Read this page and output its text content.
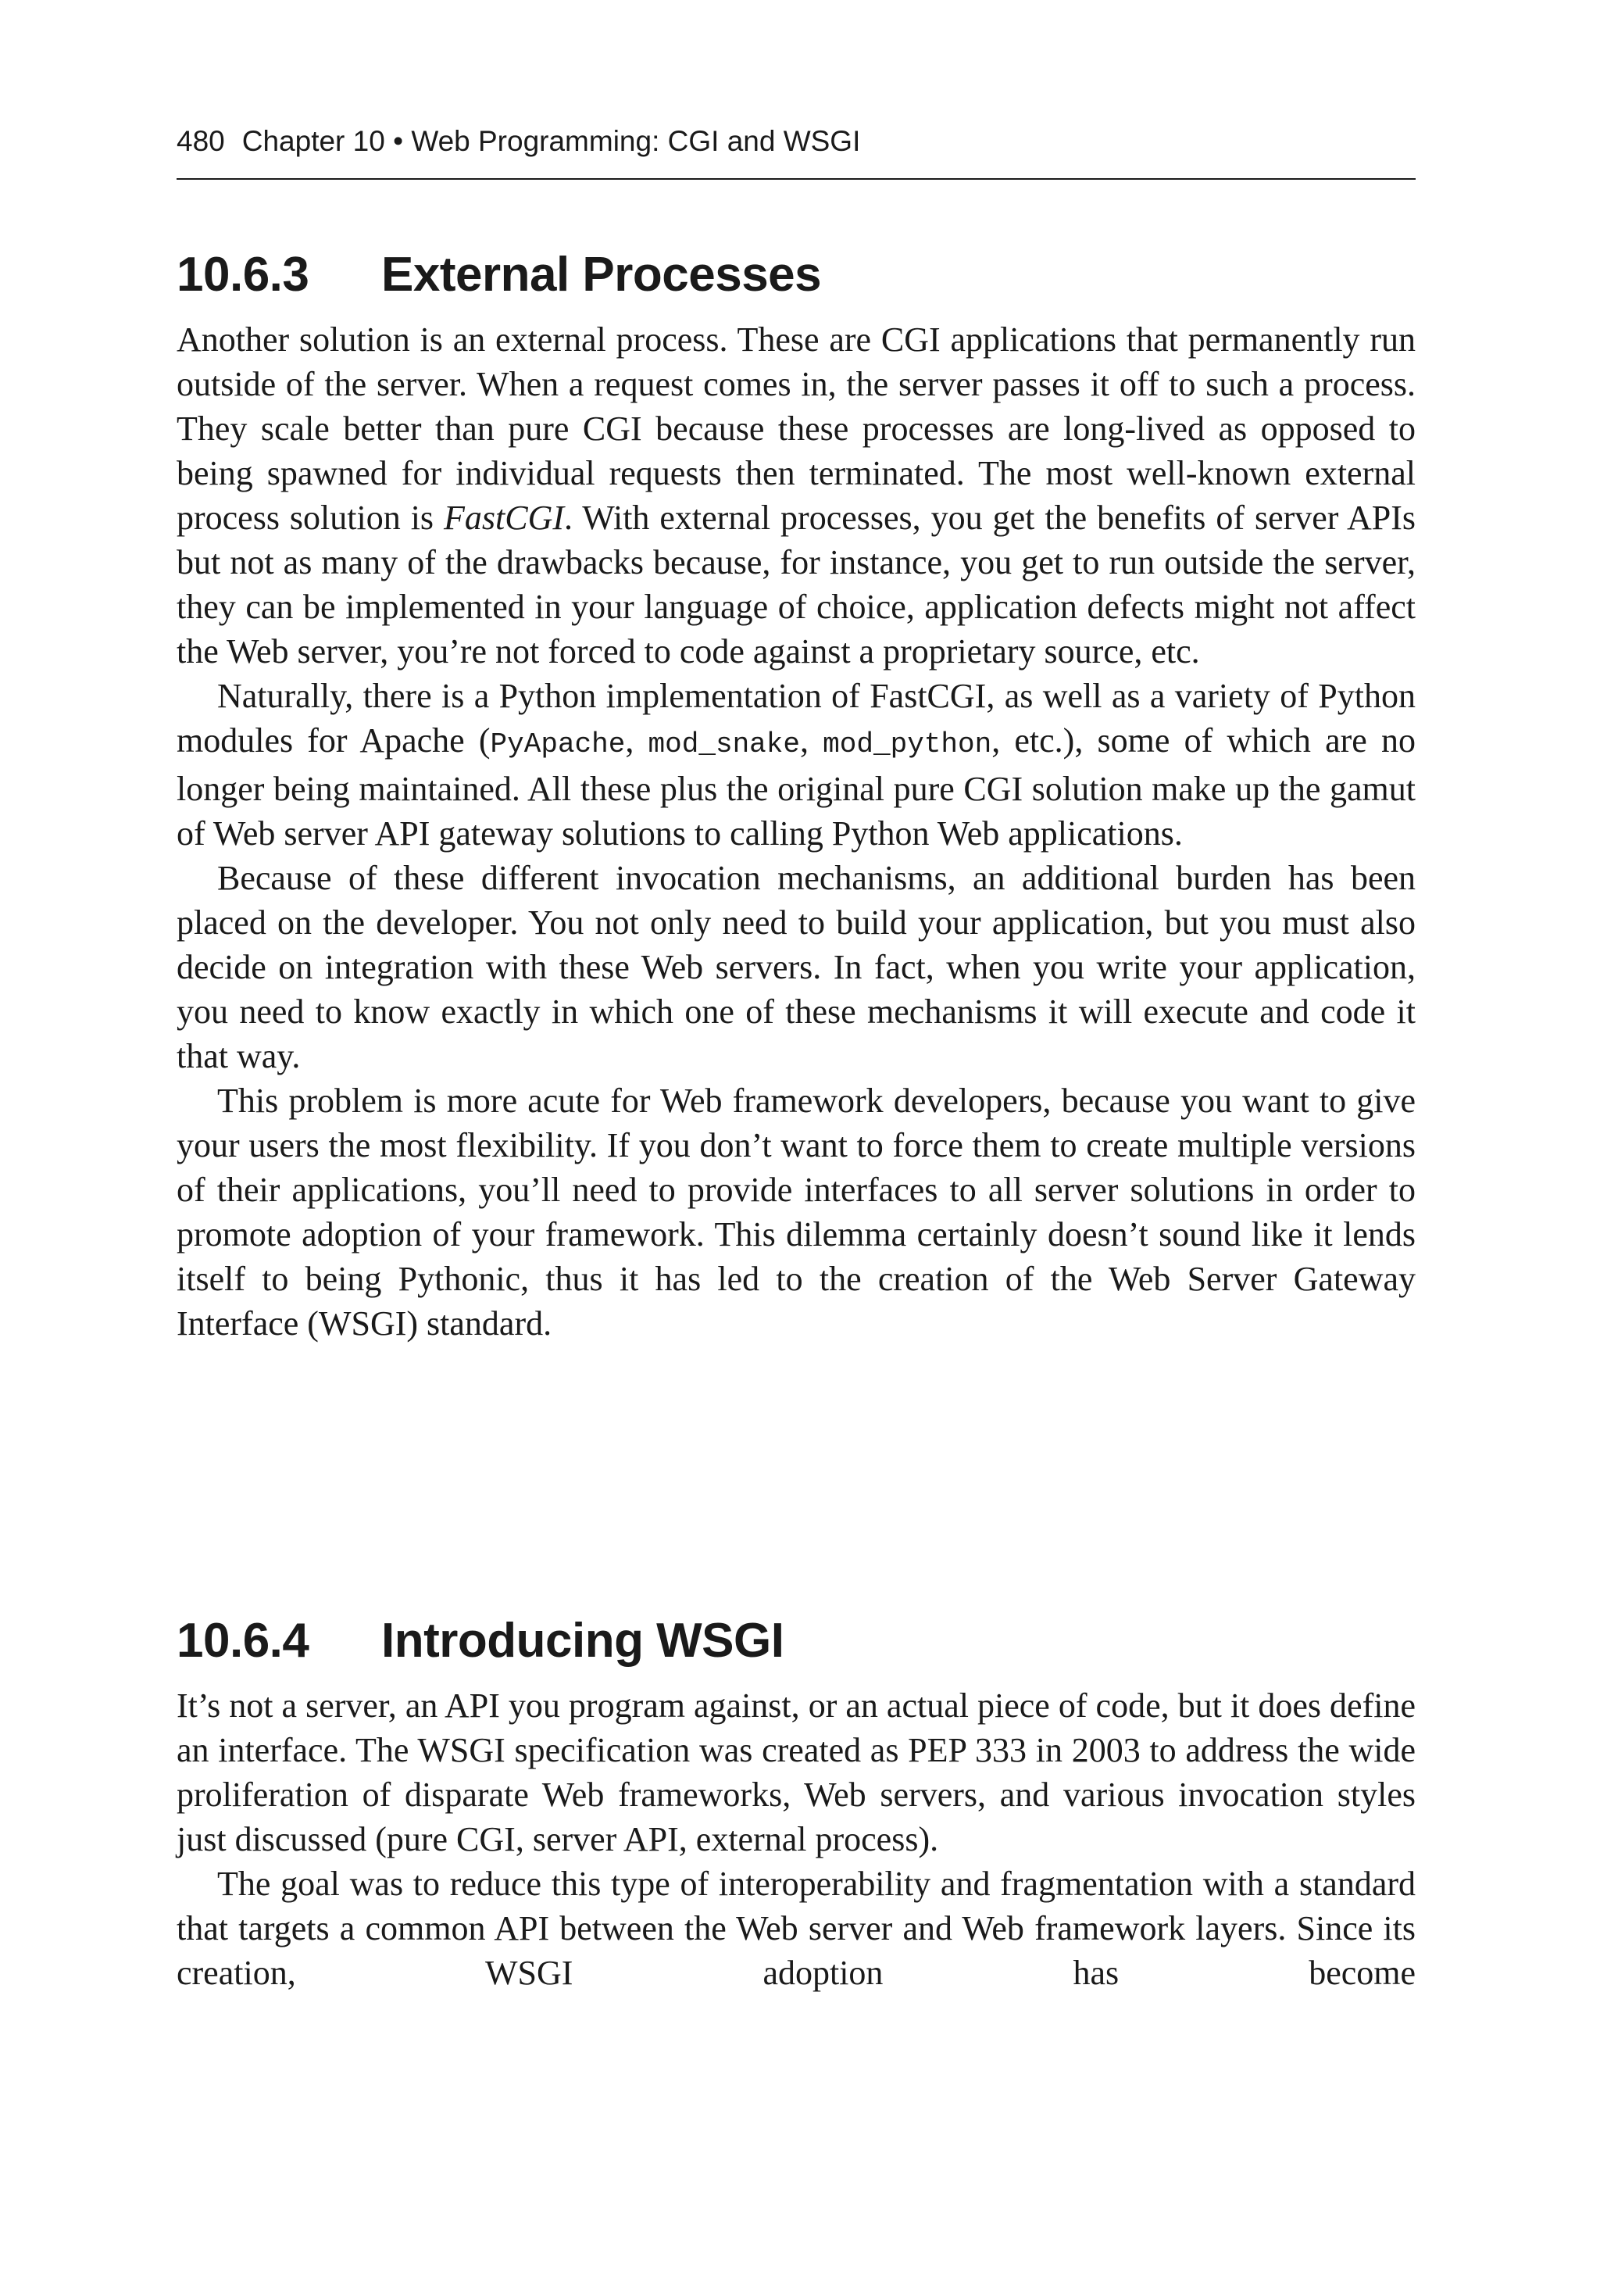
480 Chapter 10 • Web Programming: CGI and WSGI
10.6.3 External Processes

Another solution is an external process. These are CGI applications that permanently run outside of the server. When a request comes in, the server passes it off to such a process. They scale better than pure CGI because these processes are long-lived as opposed to being spawned for individual requests then terminated. The most well-known external process solution is FastCGI. With external processes, you get the benefits of server APIs but not as many of the drawbacks because, for instance, you get to run outside the server, they can be implemented in your language of choice, application defects might not affect the Web server, you’re not forced to code against a proprietary source, etc.

Naturally, there is a Python implementation of FastCGI, as well as a variety of Python modules for Apache (PyApache, mod_snake, mod_python, etc.), some of which are no longer being maintained. All these plus the original pure CGI solution make up the gamut of Web server API gateway solutions to calling Python Web applications.

Because of these different invocation mechanisms, an additional burden has been placed on the developer. You not only need to build your application, but you must also decide on integration with these Web servers. In fact, when you write your application, you need to know exactly in which one of these mechanisms it will execute and code it that way.

This problem is more acute for Web framework developers, because you want to give your users the most flexibility. If you don’t want to force them to create multiple versions of their applications, you’ll need to provide interfaces to all server solutions in order to promote adoption of your framework. This dilemma certainly doesn’t sound like it lends itself to being Pythonic, thus it has led to the creation of the Web Server Gateway Interface (WSGI) standard.

10.6.4 Introducing WSGI

It’s not a server, an API you program against, or an actual piece of code, but it does define an interface. The WSGI specification was created as PEP 333 in 2003 to address the wide proliferation of disparate Web frameworks, Web servers, and various invocation styles just discussed (pure CGI, server API, external process).

The goal was to reduce this type of interoperability and fragmentation with a standard that targets a common API between the Web server and Web framework layers. Since its creation, WSGI adoption has become
